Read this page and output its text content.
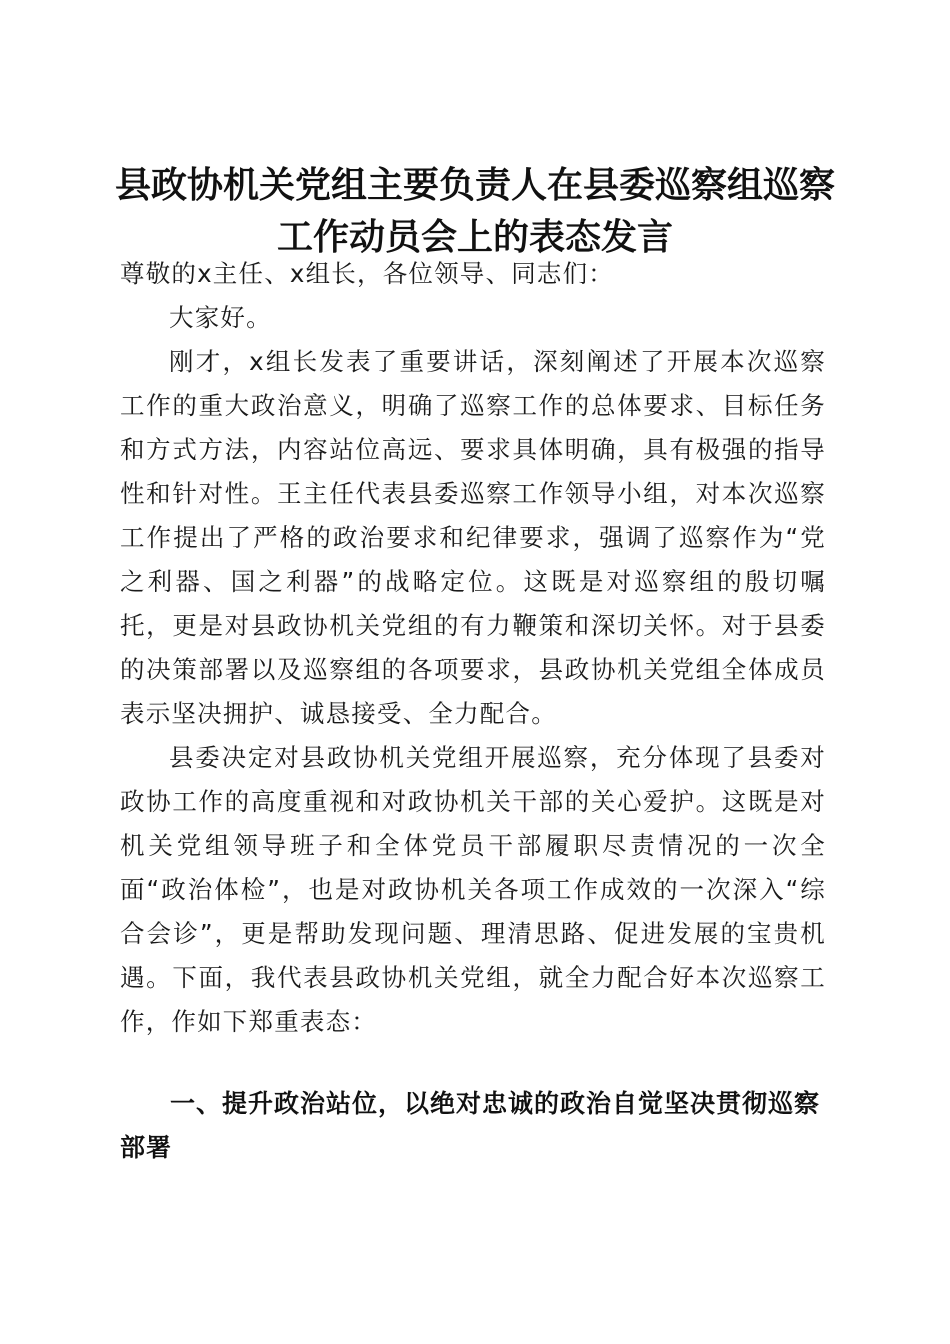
县政协机关党组主要负责人在县委巡察组巡察
工作动员会上的表态发言

尊敬的x主任、x组长，各位领导、同志们：

大家好。

刚才，x组长发表了重要讲话，深刻阐述了开展本次巡察工作的重大政治意义，明确了巡察工作的总体要求、目标任务和方式方法，内容站位高远、要求具体明确，具有极强的指导性和针对性。王主任代表县委巡察工作领导小组，对本次巡察工作提出了严格的政治要求和纪律要求，强调了巡察作为“党之利器、国之利器”的战略定位。这既是对巡察组的殷切嘱托，更是对县政协机关党组的有力鞭策和深切关怀。对于县委的决策部署以及巡察组的各项要求，县政协机关党组全体成员表示坚决拥护、诚恳接受、全力配合。

县委决定对县政协机关党组开展巡察，充分体现了县委对政协工作的高度重视和对政协机关干部的关心爱护。这既是对机关党组领导班子和全体党员干部履职尽责情况的一次全面“政治体检”，也是对政协机关各项工作成效的一次深入“综合会诊”，更是帮助发现问题、理清思路、促进发展的宝贵机遇。下面，我代表县政协机关党组，就全力配合好本次巡察工作，作如下郑重表态：

一、提升政治站位，以绝对忠诚的政治自觉坚决贯彻巡察部署
